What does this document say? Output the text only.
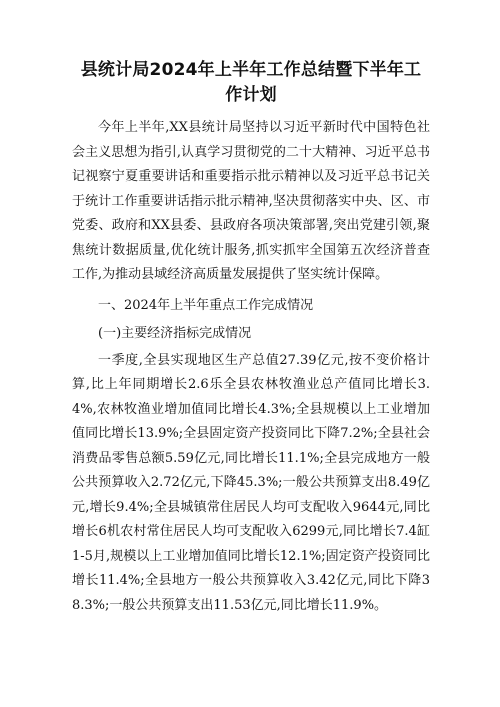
县统计局2024年上半年工作总结暨下半年工
作计划

今年上半年,XX县统计局坚持以习近平新时代中国特色社会主义思想为指引,认真学习贯彻党的二十大精神、习近平总书记视察宁夏重要讲话和重要指示批示精神以及习近平总书记关于统计工作重要讲话指示批示精神,坚决贯彻落实中央、区、市党委、政府和XX县委、县政府各项决策部署,突出党建引领,聚焦统计数据质量,优化统计服务,抓实抓牢全国第五次经济普查工作,为推动县域经济高质量发展提供了坚实统计保障。

一、2024年上半年重点工作完成情况

(一)主要经济指标完成情况

一季度,全县实现地区生产总值27.39亿元,按不变价格计算,比上年同期增长2.6乐全县农林牧渔业总产值同比增长3.4%,农林牧渔业增加值同比增长4.3%;全县规模以上工业增加值同比增长13.9%;全县固定资产投资同比下降7.2%;全县社会消费品零售总额5.59亿元,同比增长11.1%;全县完成地方一般公共预算收入2.72亿元,下降45.3%;一般公共预算支出8.49亿元,增长9.4%;全县城镇常住居民人均可支配收入9644元,同比增长6机农村常住居民人均可支配收入6299元,同比增长7.4缸1-5月,规模以上工业增加值同比增长12.1%;固定资产投资同比增长11.4%;全县地方一般公共预算收入3.42亿元,同比下降38.3%;一般公共预算支出11.53亿元,同比增长11.9%。
